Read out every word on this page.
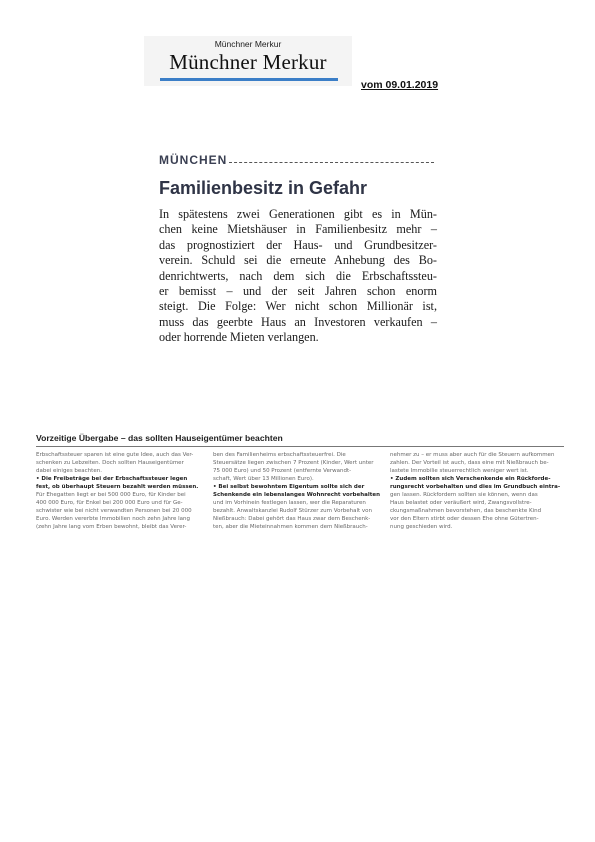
Münchner Merkur
Münchner Merkur
vom 09.01.2019
MÜNCHEN
Familienbesitz in Gefahr
In spätestens zwei Generationen gibt es in Mün-
chen keine Mietshäuser in Familienbesitz mehr –
das prognostiziert der Haus- und Grundbesitzer-
verein. Schuld sei die erneute Anhebung des Bo-
denrichtwerts, nach dem sich die Erbschaftssteu-
er bemisst – und der seit Jahren schon enorm
steigt. Die Folge: Wer nicht schon Millionär ist,
muss das geerbte Haus an Investoren verkaufen –
oder horrende Mieten verlangen.
Vorzeitige Übergabe – das sollten Hauseigentümer beachten
Erbschaftssteuer sparen ist eine gute Idee, auch das Ver-
schenken zu Lebzeiten. Doch sollten Hauseigentümer
dabei einiges beachten.
• Die Freibeträge bei der Erbschaftssteuer legen
fest, ob überhaupt Steuern bezahlt werden müssen.
Für Ehegatten liegt er bei 500 000 Euro, für Kinder bei
400 000 Euro, für Enkel bei 200 000 Euro und für Ge-
schwister wie bei nicht verwandten Personen bei 20 000
Euro. Werden vererbte Immobilien noch zehn Jahre lang
(zehn Jahre lang vom Erben bewohnt, bleibt das Verer-
ben des Familienheims erbschaftssteuerfrei. Die
Steuersätze liegen zwischen 7 Prozent (Kinder, Wert unter
75 000 Euro) und 50 Prozent (entfernte Verwandt-
schaft, Wert über 13 Millionen Euro).
• Bei selbst bewohntem Eigentum sollte sich der
Schenkende ein lebenslanges Wohnrecht vorbehalten
und im Vorhinein festlegen lassen, wer die Reparaturen
bezahlt. Anwaltskanzlei Rudolf Stürzer zum Vorbehalt von
Nießbrauch: Dabei gehört das Haus zwar dem Beschenk-
ten, aber die Mieteinnahmen kommen dem Nießbrauch-
nehmer zu – er muss aber auch für die Steuern aufkommen
zahlen. Der Vorteil ist auch, dass eine mit Nießbrauch be-
lastete Immobilie steuerrechtlich weniger wert ist.
• Zudem sollten sich Verschenkende ein Rückforde-
rungsrecht vorbehalten und dies im Grundbuch eintra-
gen lassen. Rückfordern sollten sie können, wenn das
Haus belastet oder veräußert wird, Zwangsvollstre-
ckungsmaßnahmen bevorstehen, das beschenkte Kind
vor den Eltern stirbt oder dessen Ehe ohne Gütertren-
nung geschieden wird.
